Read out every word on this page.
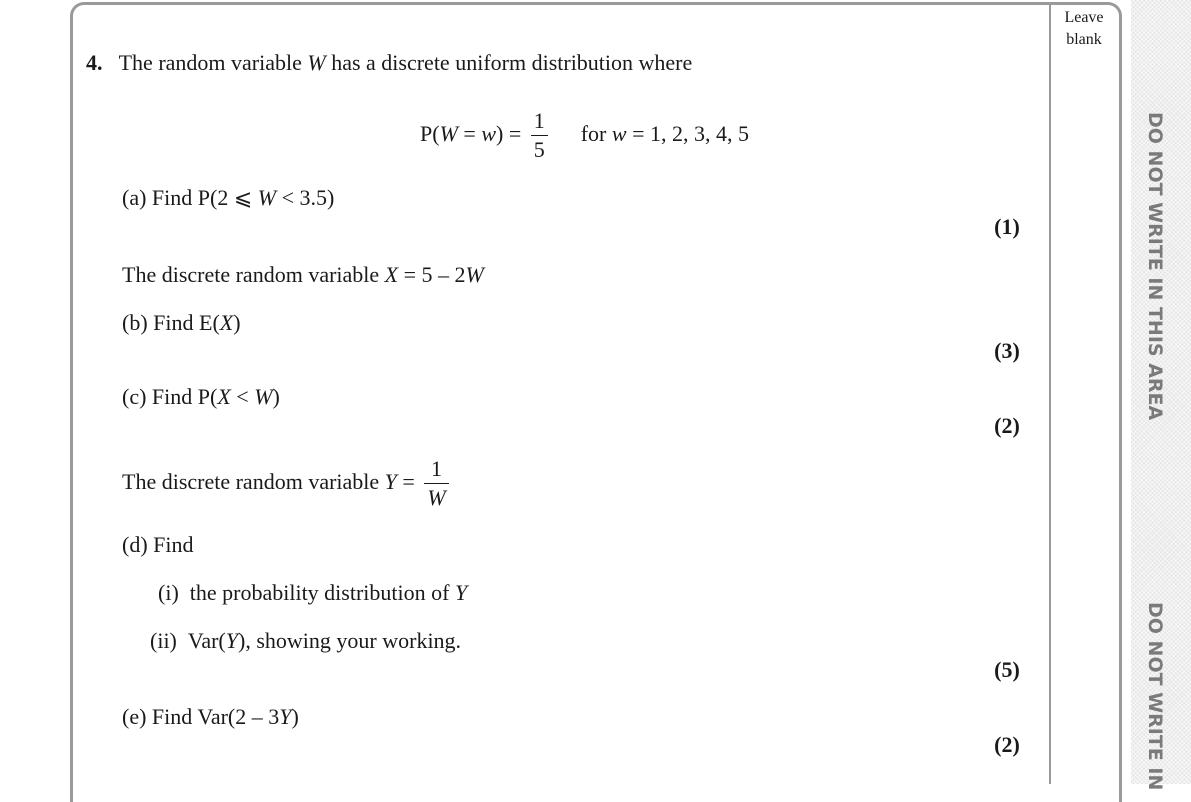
DO NOT WRITE IN THIS AREA
DO NOT WRITE IN
Leave
blank
4. The random variable W has a discrete uniform distribution where
$P(W = w) = \frac{1}{5}$ for w = 1, 2, 3, 4, 5
(a) Find P(2 ⩽ W < 3.5)
(1)
The discrete random variable X = 5 – 2W
(b) Find E(X)
(3)
(c) Find P(X < W)
(2)
The discrete random variable $Y = \frac{1}{W}$
(d) Find
(i) the probability distribution of Y
(ii) Var(Y), showing your working.
(5)
(e) Find Var(2 – 3Y)
(2)
